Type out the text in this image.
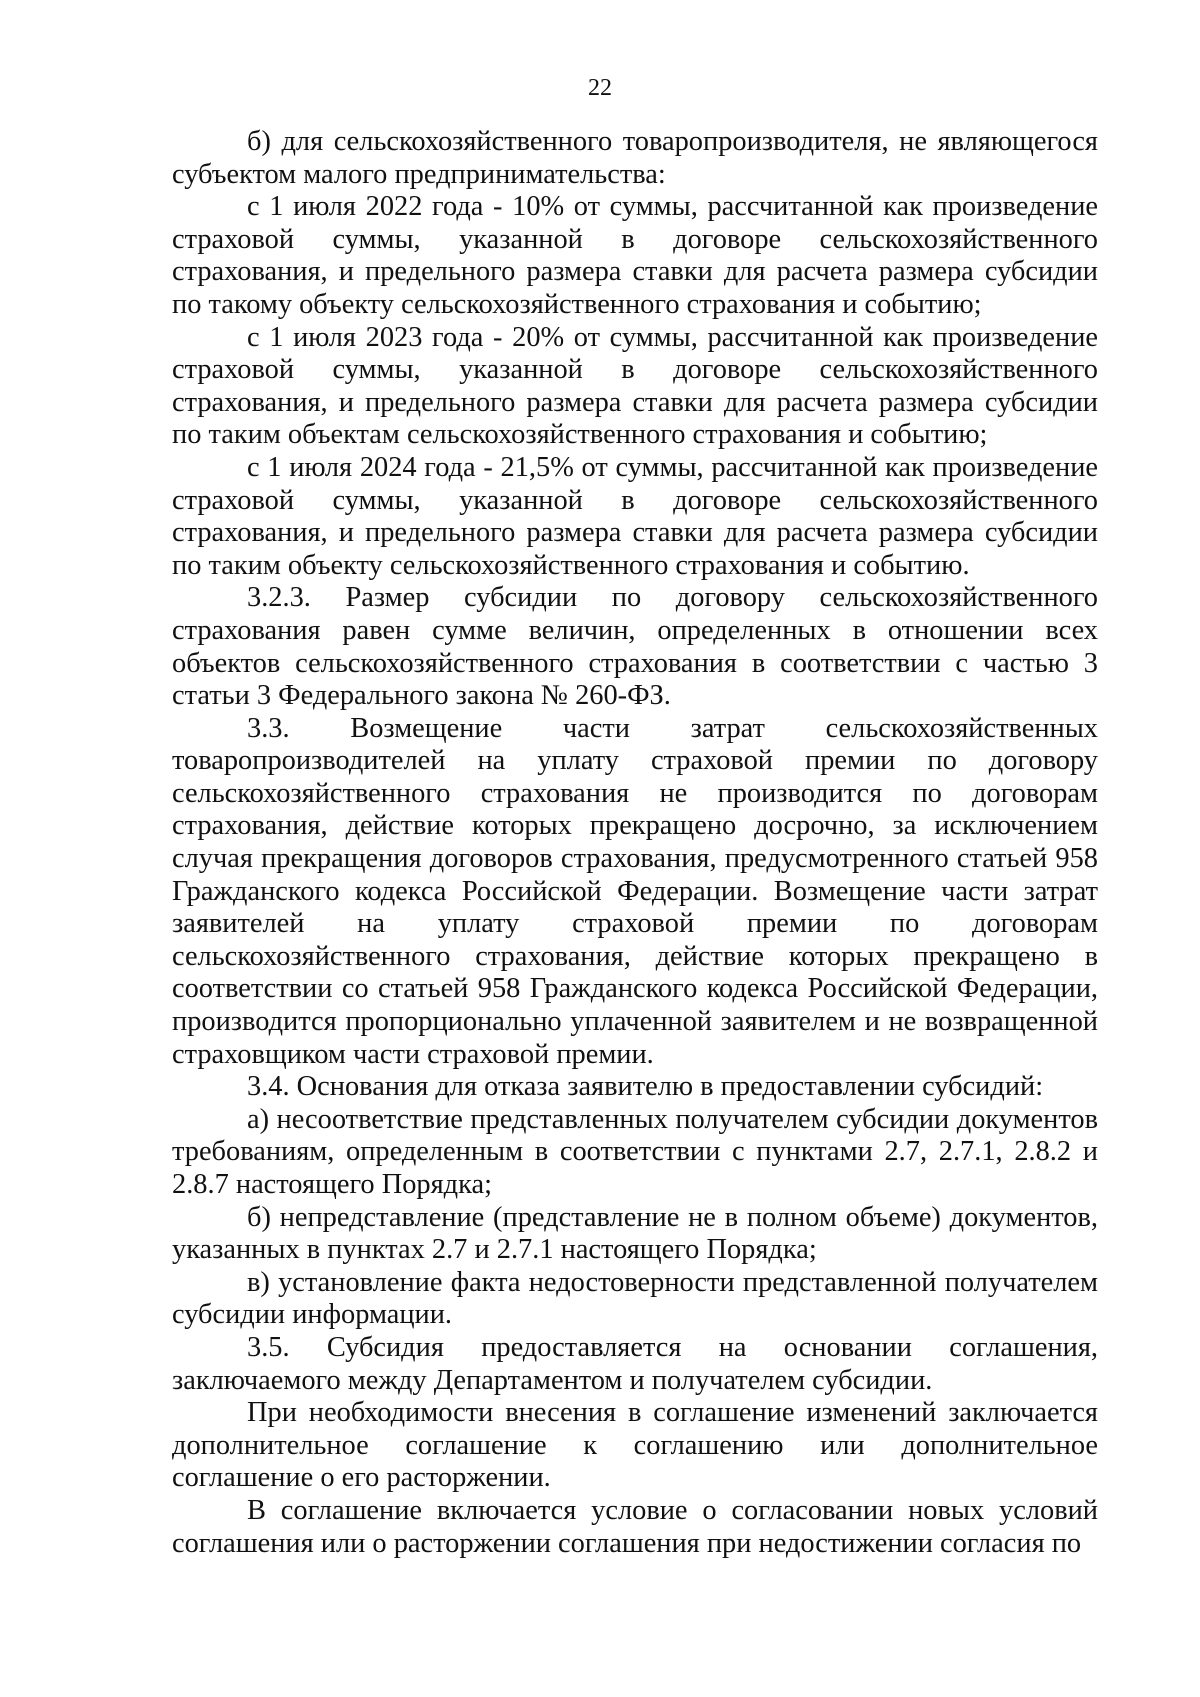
22

б) для сельскохозяйственного товаропроизводителя, не являющегося субъектом малого предпринимательства:

с 1 июля 2022 года - 10% от суммы, рассчитанной как произведение страховой суммы, указанной в договоре сельскохозяйственного страхования, и предельного размера ставки для расчета размера субсидии по такому объекту сельскохозяйственного страхования и событию;

с 1 июля 2023 года - 20% от суммы, рассчитанной как произведение страховой суммы, указанной в договоре сельскохозяйственного страхования, и предельного размера ставки для расчета размера субсидии по таким объектам сельскохозяйственного страхования и событию;

с 1 июля 2024 года - 21,5% от суммы, рассчитанной как произведение страховой суммы, указанной в договоре сельскохозяйственного страхования, и предельного размера ставки для расчета размера субсидии по таким объекту сельскохозяйственного страхования и событию.

3.2.3. Размер субсидии по договору сельскохозяйственного страхования равен сумме величин, определенных в отношении всех объектов сельскохозяйственного страхования в соответствии с частью 3 статьи 3 Федерального закона № 260-ФЗ.

3.3. Возмещение части затрат сельскохозяйственных товаропроизводителей на уплату страховой премии по договору сельскохозяйственного страхования не производится по договорам страхования, действие которых прекращено досрочно, за исключением случая прекращения договоров страхования, предусмотренного статьей 958 Гражданского кодекса Российской Федерации. Возмещение части затрат заявителей на уплату страховой премии по договорам сельскохозяйственного страхования, действие которых прекращено в соответствии со статьей 958 Гражданского кодекса Российской Федерации, производится пропорционально уплаченной заявителем и не возвращенной страховщиком части страховой премии.

3.4. Основания для отказа заявителю в предоставлении субсидий:

а) несоответствие представленных получателем субсидии документов требованиям, определенным в соответствии с пунктами 2.7, 2.7.1, 2.8.2 и 2.8.7 настоящего Порядка;

б) непредставление (представление не в полном объеме) документов, указанных в пунктах 2.7 и 2.7.1 настоящего Порядка;

в) установление факта недостоверности представленной получателем субсидии информации.

3.5. Субсидия предоставляется на основании соглашения, заключаемого между Департаментом и получателем субсидии.

При необходимости внесения в соглашение изменений заключается дополнительное соглашение к соглашению или дополнительное соглашение о его расторжении.

В соглашение включается условие о согласовании новых условий соглашения или о расторжении соглашения при недостижении согласия по
